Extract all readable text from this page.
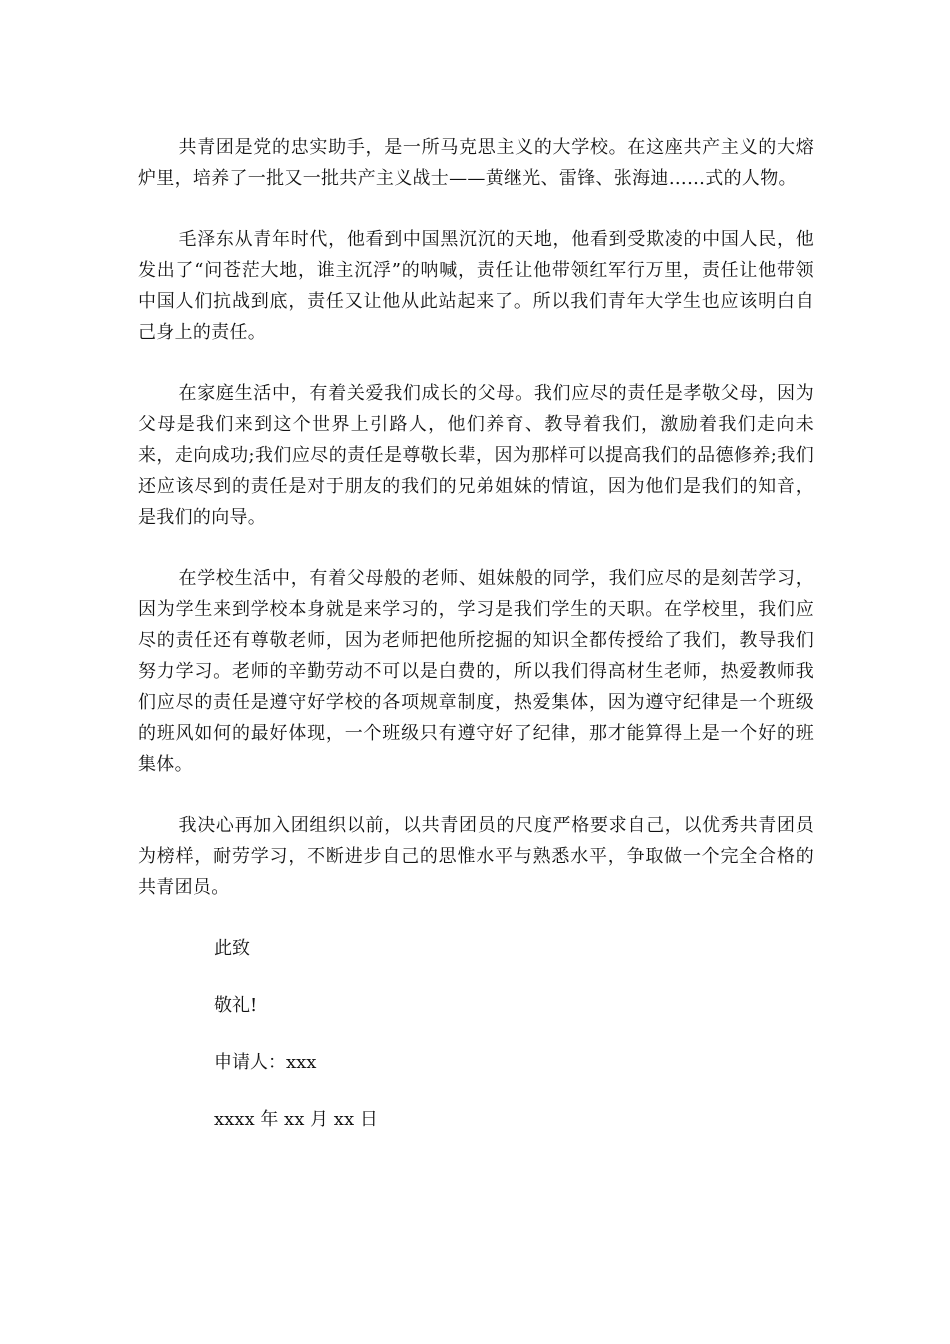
共青团是党的忠实助手，是一所马克思主义的大学校。在这座共产主义的大熔炉里，培养了一批又一批共产主义战士——黄继光、雷锋、张海迪……式的人物。

毛泽东从青年时代，他看到中国黑沉沉的天地，他看到受欺凌的中国人民，他发出了“问苍茫大地，谁主沉浮”的呐喊，责任让他带领红军行万里，责任让他带领中国人们抗战到底，责任又让他从此站起来了。所以我们青年大学生也应该明白自己身上的责任。

在家庭生活中，有着关爱我们成长的父母。我们应尽的责任是孝敬父母，因为父母是我们来到这个世界上引路人，他们养育、教导着我们，激励着我们走向未来，走向成功;我们应尽的责任是尊敬长辈，因为那样可以提高我们的品德修养;我们还应该尽到的责任是对于朋友的我们的兄弟姐妹的情谊，因为他们是我们的知音，是我们的向导。

在学校生活中，有着父母般的老师、姐妹般的同学，我们应尽的是刻苦学习，因为学生来到学校本身就是来学习的，学习是我们学生的天职。在学校里，我们应尽的责任还有尊敬老师，因为老师把他所挖掘的知识全都传授给了我们，教导我们努力学习。老师的辛勤劳动不可以是白费的，所以我们得高材生老师，热爱教师我们应尽的责任是遵守好学校的各项规章制度，热爱集体，因为遵守纪律是一个班级的班风如何的最好体现，一个班级只有遵守好了纪律，那才能算得上是一个好的班集体。

我决心再加入团组织以前，以共青团员的尺度严格要求自己，以优秀共青团员为榜样，耐劳学习，不断进步自己的思惟水平与熟悉水平，争取做一个完全合格的共青团员。

此致
敬礼!
申请人：xxx
xxxx 年 xx 月 xx 日
